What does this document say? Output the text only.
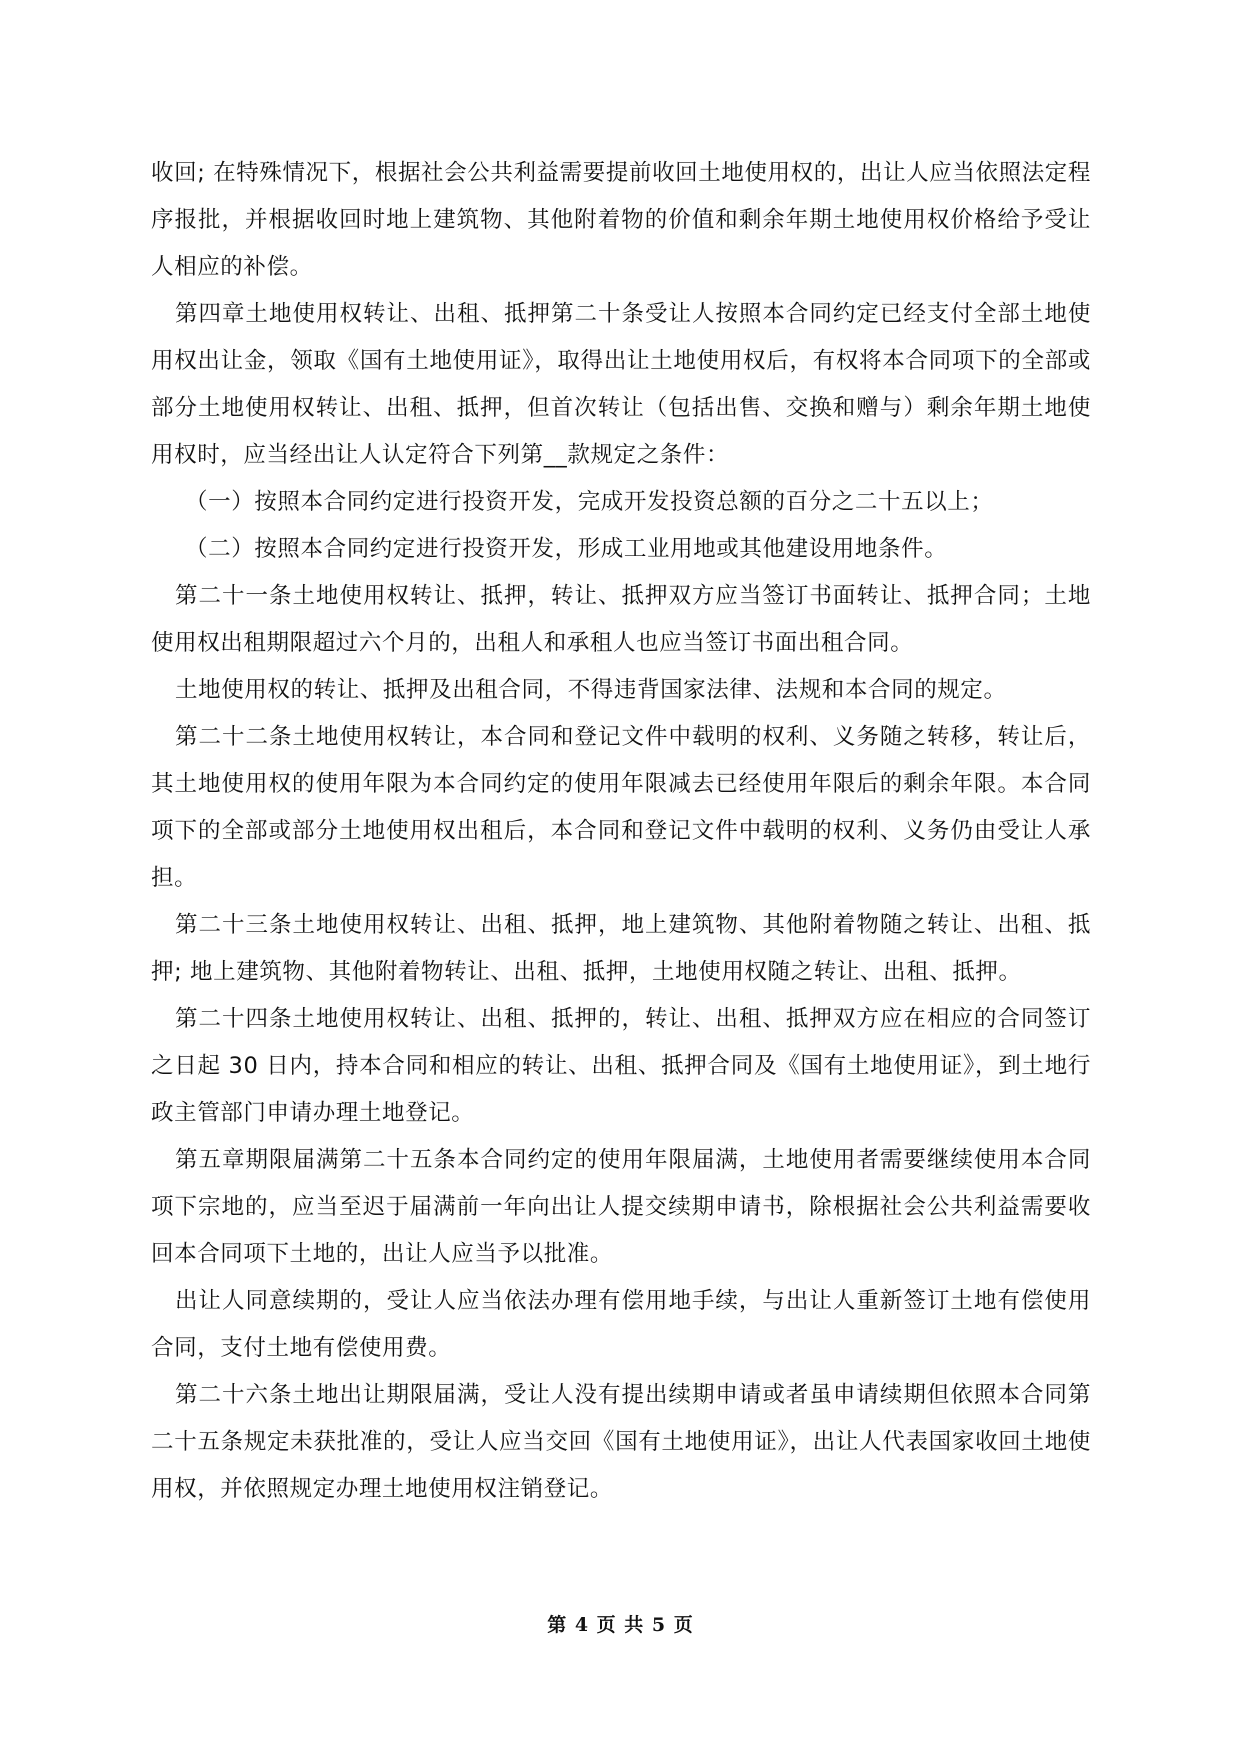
收回; 在特殊情况下，根据社会公共利益需要提前收回土地使用权的，出让人应当依照法定程序报批，并根据收回时地上建筑物、其他附着物的价值和剩余年期土地使用权价格给予受让人相应的补偿。

第四章土地使用权转让、出租、抵押第二十条受让人按照本合同约定已经支付全部土地使用权出让金，领取《国有土地使用证》，取得出让土地使用权后，有权将本合同项下的全部或部分土地使用权转让、出租、抵押，但首次转让（包括出售、交换和赠与）剩余年期土地使用权时，应当经出让人认定符合下列第__款规定之条件：

（一）按照本合同约定进行投资开发，完成开发投资总额的百分之二十五以上；

（二）按照本合同约定进行投资开发，形成工业用地或其他建设用地条件。

第二十一条土地使用权转让、抵押，转让、抵押双方应当签订书面转让、抵押合同；土地使用权出租期限超过六个月的，出租人和承租人也应当签订书面出租合同。

土地使用权的转让、抵押及出租合同，不得违背国家法律、法规和本合同的规定。

第二十二条土地使用权转让，本合同和登记文件中载明的权利、义务随之转移，转让后，其土地使用权的使用年限为本合同约定的使用年限减去已经使用年限后的剩余年限。本合同项下的全部或部分土地使用权出租后，本合同和登记文件中载明的权利、义务仍由受让人承担。

第二十三条土地使用权转让、出租、抵押，地上建筑物、其他附着物随之转让、出租、抵押; 地上建筑物、其他附着物转让、出租、抵押，土地使用权随之转让、出租、抵押。

第二十四条土地使用权转让、出租、抵押的，转让、出租、抵押双方应在相应的合同签订之日起 30 日内，持本合同和相应的转让、出租、抵押合同及《国有土地使用证》，到土地行政主管部门申请办理土地登记。

第五章期限届满第二十五条本合同约定的使用年限届满，土地使用者需要继续使用本合同项下宗地的，应当至迟于届满前一年向出让人提交续期申请书，除根据社会公共利益需要收回本合同项下土地的，出让人应当予以批准。

出让人同意续期的，受让人应当依法办理有偿用地手续，与出让人重新签订土地有偿使用合同，支付土地有偿使用费。

第二十六条土地出让期限届满，受让人没有提出续期申请或者虽申请续期但依照本合同第二十五条规定未获批准的，受让人应当交回《国有土地使用证》，出让人代表国家收回土地使用权，并依照规定办理土地使用权注销登记。

第 4 页 共 5 页
